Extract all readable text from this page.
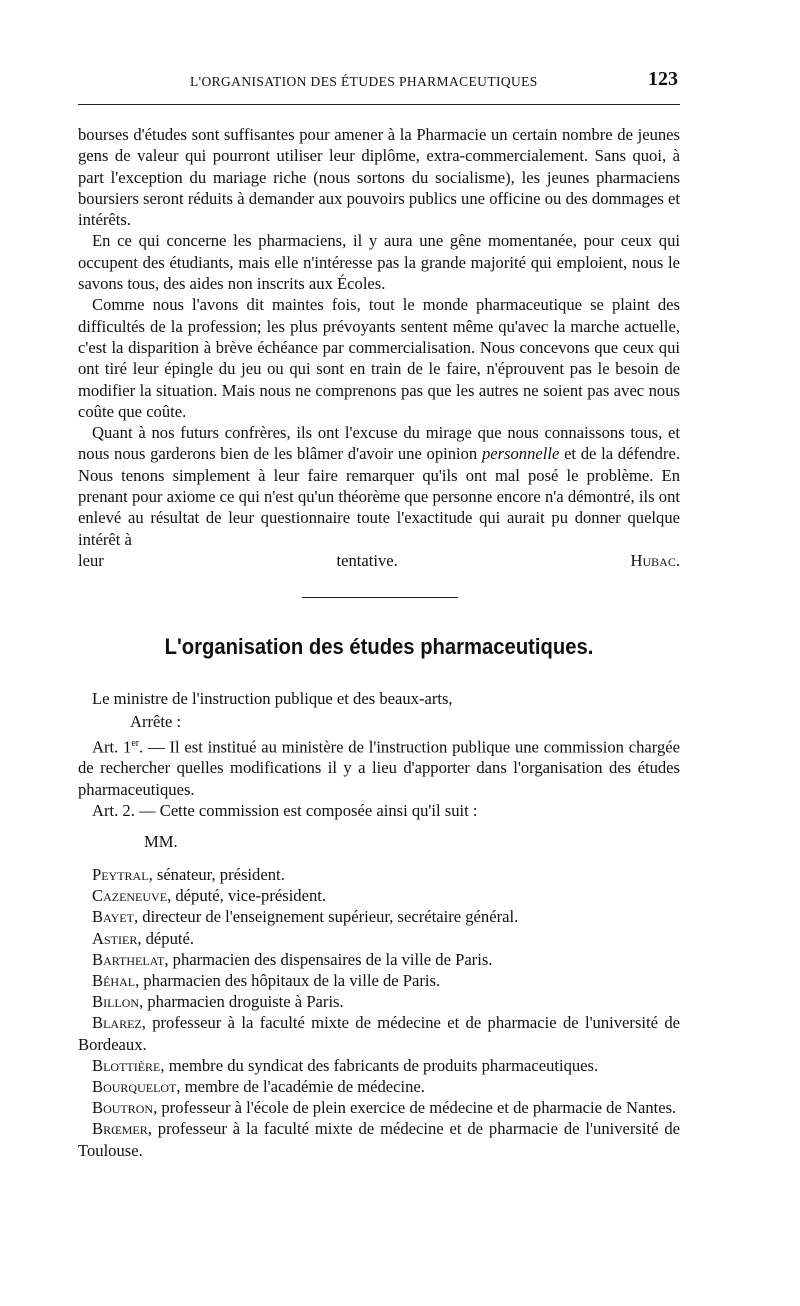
L'ORGANISATION DES ÉTUDES PHARMACEUTIQUES	123

bourses d'études sont suffisantes pour amener à la Pharmacie un certain nombre de jeunes gens de valeur qui pourront utiliser leur diplôme, extra-commercialement. Sans quoi, à part l'exception du mariage riche (nous sortons du socialisme), les jeunes pharmaciens boursiers seront réduits à demander aux pouvoirs publics une officine ou des dommages et intérêts.

En ce qui concerne les pharmaciens, il y aura une gêne momentanée, pour ceux qui occupent des étudiants, mais elle n'intéresse pas la grande majorité qui emploient, nous le savons tous, des aides non inscrits aux Écoles.

Comme nous l'avons dit maintes fois, tout le monde pharmaceutique se plaint des difficultés de la profession; les plus prévoyants sentent même qu'avec la marche actuelle, c'est la disparition à brève échéance par commercialisation. Nous concevons que ceux qui ont tiré leur épingle du jeu ou qui sont en train de le faire, n'éprouvent pas le besoin de modifier la situation. Mais nous ne comprenons pas que les autres ne soient pas avec nous coûte que coûte.

Quant à nos futurs confrères, ils ont l'excuse du mirage que nous connaissons tous, et nous nous garderons bien de les blâmer d'avoir une opinion personnelle et de la défendre. Nous tenons simplement à leur faire remarquer qu'ils ont mal posé le problème. En prenant pour axiome ce qui n'est qu'un théorème que personne encore n'a démontré, ils ont enlevé au résultat de leur questionnaire toute l'exactitude qui aurait pu donner quelque intérêt à

leur tentative.	Hubac.

L'organisation des études pharmaceutiques.

Le ministre de l'instruction publique et des beaux-arts,

Arrête :

Art. 1er. — Il est institué au ministère de l'instruction publique une commission chargée de rechercher quelles modifications il y a lieu d'apporter dans l'organisation des études pharmaceutiques.

Art. 2. — Cette commission est composée ainsi qu'il suit :

MM.

Peytral, sénateur, président.

Cazeneuve, député, vice-président.

Bayet, directeur de l'enseignement supérieur, secrétaire général.

Astier, député.

Barthelat, pharmacien des dispensaires de la ville de Paris.

Béhal, pharmacien des hôpitaux de la ville de Paris.

Billon, pharmacien droguiste à Paris.

Blarez, professeur à la faculté mixte de médecine et de pharmacie de l'université de Bordeaux.

Blottière, membre du syndicat des fabricants de produits pharmaceutiques.

Bourquelot, membre de l'académie de médecine.

Boutron, professeur à l'école de plein exercice de médecine et de pharmacie de Nantes.

Brœmer, professeur à la faculté mixte de médecine et de pharmacie de l'université de Toulouse.
